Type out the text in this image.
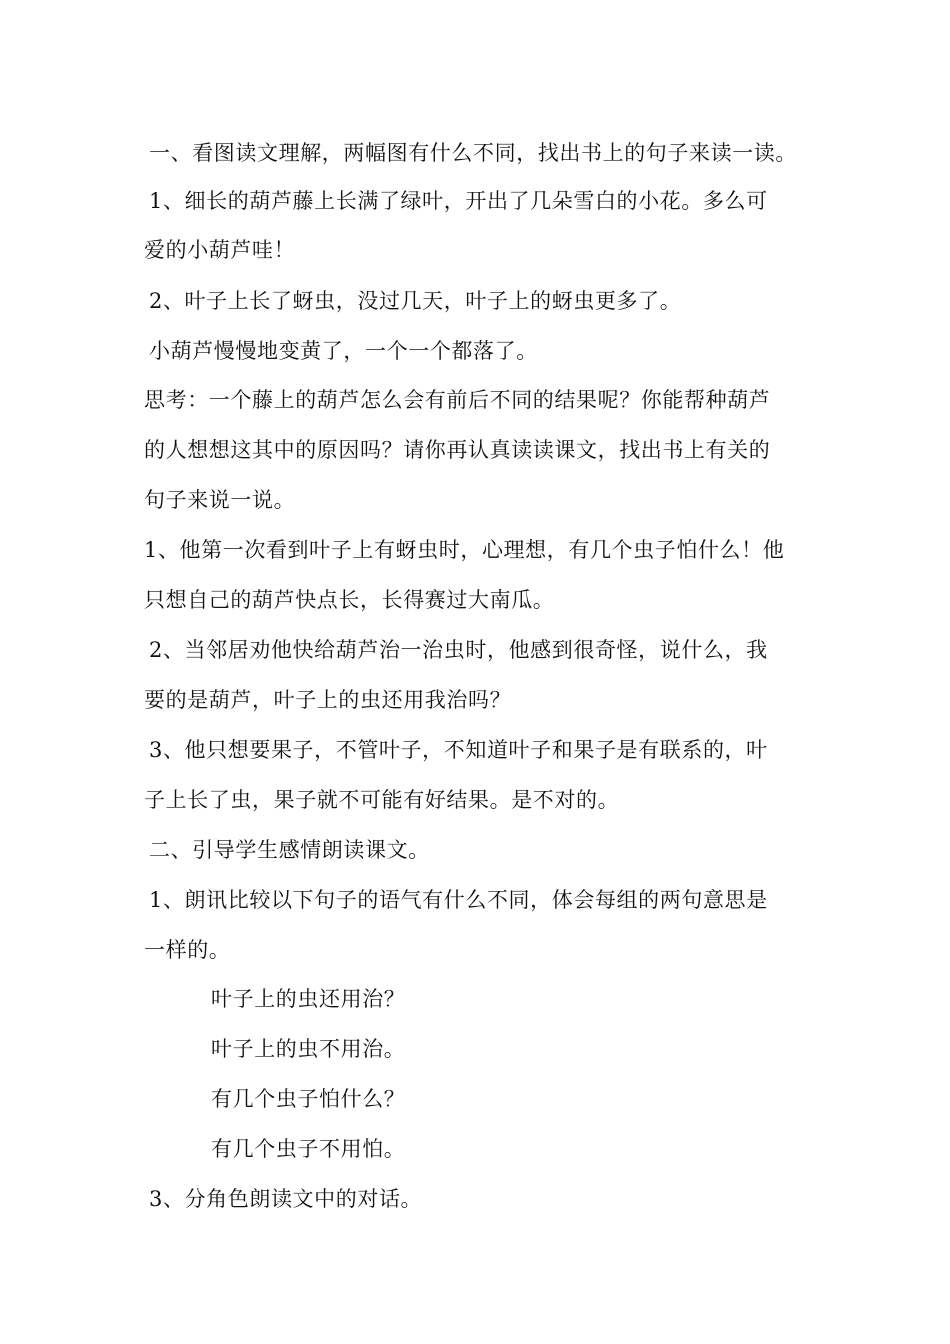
一、看图读文理解，两幅图有什么不同，找出书上的句子来读一读。
1、细长的葫芦藤上长满了绿叶，开出了几朵雪白的小花。多么可
爱的小葫芦哇！
2、叶子上长了蚜虫，没过几天，叶子上的蚜虫更多了。
小葫芦慢慢地变黄了，一个一个都落了。
思考：一个藤上的葫芦怎么会有前后不同的结果呢？你能帮种葫芦
的人想想这其中的原因吗？请你再认真读读课文，找出书上有关的
句子来说一说。
1、他第一次看到叶子上有蚜虫时，心理想，有几个虫子怕什么！他
只想自己的葫芦快点长，长得赛过大南瓜。
2、当邻居劝他快给葫芦治一治虫时，他感到很奇怪，说什么，我
要的是葫芦，叶子上的虫还用我治吗？
3、他只想要果子，不管叶子，不知道叶子和果子是有联系的，叶
子上长了虫，果子就不可能有好结果。是不对的。
二、引导学生感情朗读课文。
1、朗讯比较以下句子的语气有什么不同，体会每组的两句意思是
一样的。
叶子上的虫还用治？
叶子上的虫不用治。
有几个虫子怕什么？
有几个虫子不用怕。
3、分角色朗读文中的对话。
